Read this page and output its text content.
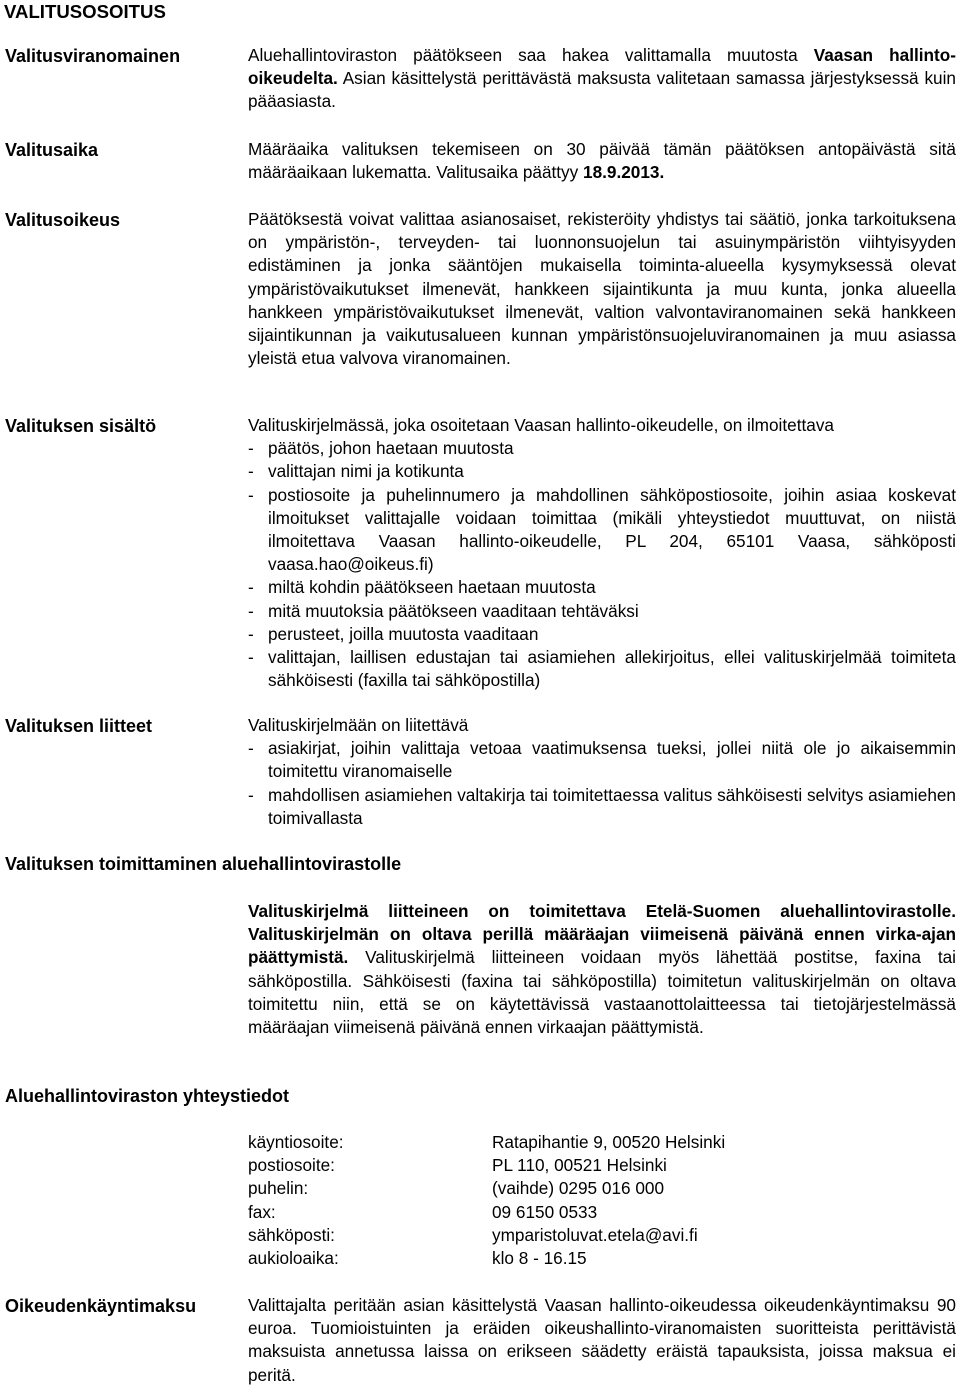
VALITUSOSOITUS
Valitusviranomainen	Aluehallintoviraston päätökseen saa hakea valittamalla muutosta Vaasan hallinto-oikeudelta. Asian käsittelystä perittävästä maksusta valitetaan samassa järjestyksessä kuin pääasiasta.
Valitusaika	Määräaika valituksen tekemiseen on 30 päivää tämän päätöksen antopäivästä sitä määräaikaan lukematta. Valitusaika päättyy 18.9.2013.
Valitusoikeus	Päätöksestä voivat valittaa asianosaiset, rekisteröity yhdistys tai säätiö, jonka tarkoituksena on ympäristön-, terveyden- tai luonnonsuojelun tai asuinympäristön viihtyisyyden edistäminen ja jonka sääntöjen mukaisella toiminta-alueella kysymyksessä olevat ympäristövaikutukset ilmenevät, hankkeen sijaintikunta ja muu kunta, jonka alueella hankkeen ympäristövaikutukset ilmenevät, valtion valvontaviranomainen sekä hankkeen sijaintikunnan ja vaikutusalueen kunnan ympäristönsuojeluviranomainen ja muu asiassa yleistä etua valvova viranomainen.
Valituksen sisältö	Valituskirjelmässä, joka osoitetaan Vaasan hallinto-oikeudelle, on ilmoitettava
- päätös, johon haetaan muutosta
- valittajan nimi ja kotikunta
- postiosoite ja puhelinnumero ja mahdollinen sähköpostiosoite, joihin asiaa koskevat ilmoitukset valittajalle voidaan toimittaa (mikäli yhteystiedot muuttuvat, on niistä ilmoitettava Vaasan hallinto-oikeudelle, PL 204, 65101 Vaasa, sähköposti vaasa.hao@oikeus.fi)
- miltä kohdin päätökseen haetaan muutosta
- mitä muutoksia päätökseen vaaditaan tehtäväksi
- perusteet, joilla muutosta vaaditaan
- valittajan, laillisen edustajan tai asiamiehen allekirjoitus, ellei valituskirjelmää toimiteta sähköisesti (faxilla tai sähköpostilla)
Valituksen liitteet	Valituskirjelmään on liitettävä
- asiakirjat, joihin valittaja vetoaa vaatimuksensa tueksi, jollei niitä ole jo aikaisemmin toimitettu viranomaiselle
- mahdollisen asiamiehen valtakirja tai toimitettaessa valitus sähköisesti selvitys asiamiehen toimivallasta
Valituksen toimittaminen aluehallintovirastolle
Valituskirjelmä liitteineen on toimitettava Etelä-Suomen aluehallintovirastolle. Valituskirjelmän on oltava perillä määräajan viimeisenä päivänä ennen virka-ajan päättymistä. Valituskirjelmä liitteineen voidaan myös lähettää postitse, faxina tai sähköpostilla. Sähköisesti (faxina tai sähköpostilla) toimitetun valituskirjelmän on oltava toimitettu niin, että se on käytettävissä vastaanottolaitteessa tai tietojärjestelmässä määräajan viimeisenä päivänä ennen virkaajan päättymistä.
Aluehallintoviraston yhteystiedot
käyntiosoite:	Ratapihantie 9, 00520 Helsinki
postiosoite:	PL 110, 00521 Helsinki
puhelin:	(vaihde) 0295 016 000
fax:	09 6150 0533
sähköposti:	ymparistoluvat.etela@avi.fi
aukioloaika:	klo 8 - 16.15
Oikeudenkäyntimaksu	Valittajalta peritään asian käsittelystä Vaasan hallinto-oikeudessa oikeudenkäyntimaksu 90 euroa. Tuomioistuinten ja eräiden oikeushallinto-viranomaisten suoritteista perittävistä maksuista annetussa laissa on erikseen säädetty eräistä tapauksista, joissa maksua ei peritä.
